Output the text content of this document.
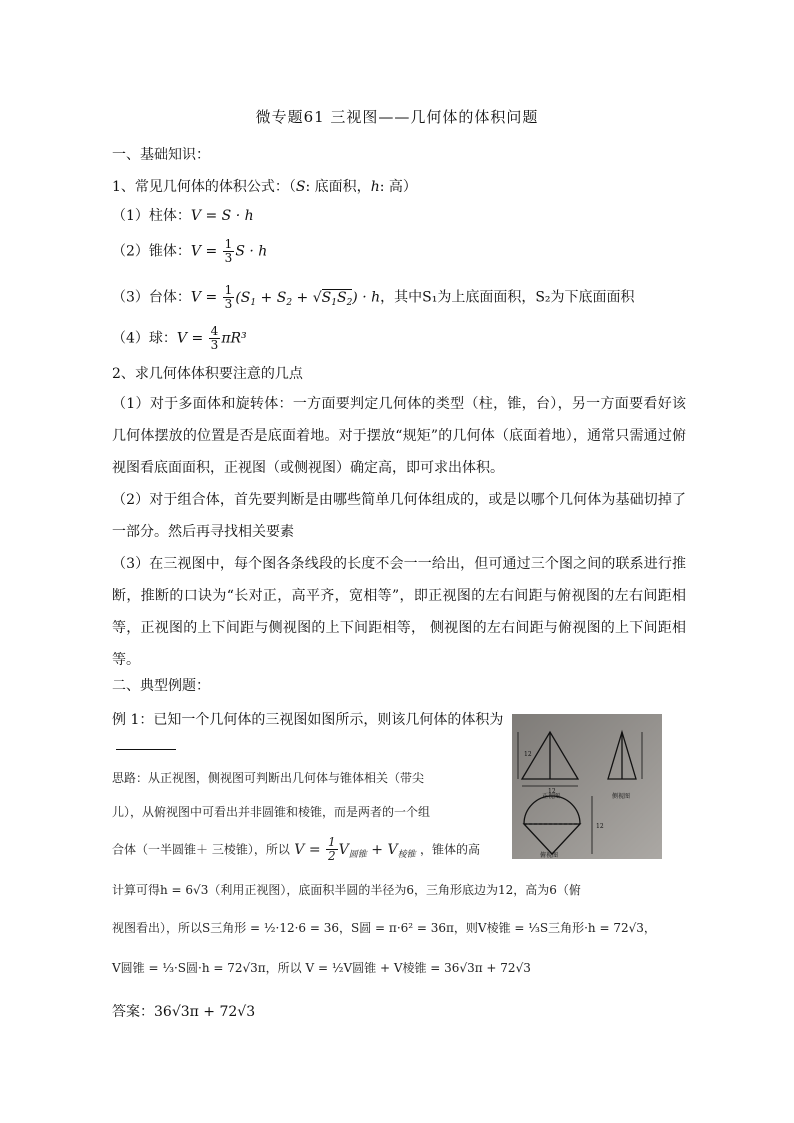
微专题61 三视图——几何体的体积问题
一、基础知识：
1、常见几何体的体积公式：（S: 底面积，h: 高）
（1）柱体：V = S · h
（2）锥体：$V = \frac{1}{3}$ S · h
（3）台体：$V = \frac{1}{3} (S_1 + S_2 + √S_1S_2) \cdot h$，其中S₁为上底面面积，S₂为下底面面积
（4）球：$V = \frac{4}{3} \pi R^3$
2、求几何体体积要注意的几点
（1）对于多面体和旋转体：一方面要判定几何体的类型（柱，锥，台），另一方面要看好该几何体摆放的位置是否是底面着地。对于摆放“规矩”的几何体（底面着地），通常只需通过俯视图看底面面积，正视图（或侧视图）确定高，即可求出体积。
（2）对于组合体，首先要判断是由哪些简单几何体组成的，或是以哪个几何体为基础切掉了一部分。然后再寻找相关要素
（3）在三视图中，每个图各条线段的长度不会一一给出，但可通过三个图之间的联系进行推断，推断的口诀为“长对正，高平齐，宽相等”，即正视图的左右间距与俯视图的左右间距相等，正视图的上下间距与侧视图的上下间距相等， 侧视图的左右间距与俯视图的上下间距相等。
二、典型例题：
例 1：已知一个几何体的三视图如图所示，则该几何体的体积为
思路：从正视图，侧视图可判断出几何体与锥体相关（带尖
儿），从俯视图中可看出并非圆锥和棱锥，而是两者的一个组
合体（一半圆锥＋ 三棱锥），所以 $V = \frac{1}{2} V_{圆锥} + V_{棱锥}$ ，锥体的高
计算可得h = 6√3（利用正视图），底面积半圆的半径为6，三角形底边为12，高为6（俯
视图看出），所以S三角形 = ½·12·6 = 36，S圆 = π·6² = 36π，则V棱锥 = ⅓S三角形·h = 72√3，
V圆锥 = ⅓·S圆·h = 72√3π，所以 V = ½V圆锥 + V棱锥 = 36√3π + 72√3
答案：36√3π + 72√3
正视图
12
12
侧视图
12
俯视图
